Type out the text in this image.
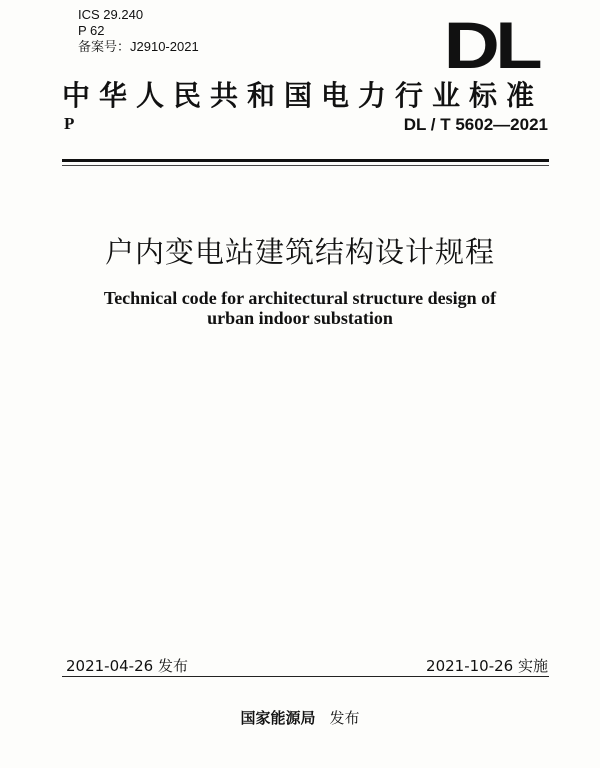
ICS 29.240
P 62
备案号：J2910-2021	DL
中华人民共和国电力行业标准
P	DL / T 5602—2021
户内变电站建筑结构设计规程
Technical code for architectural structure design of
urban indoor substation
2021-04-26 发布	2021-10-26 实施
国家能源局 发布
